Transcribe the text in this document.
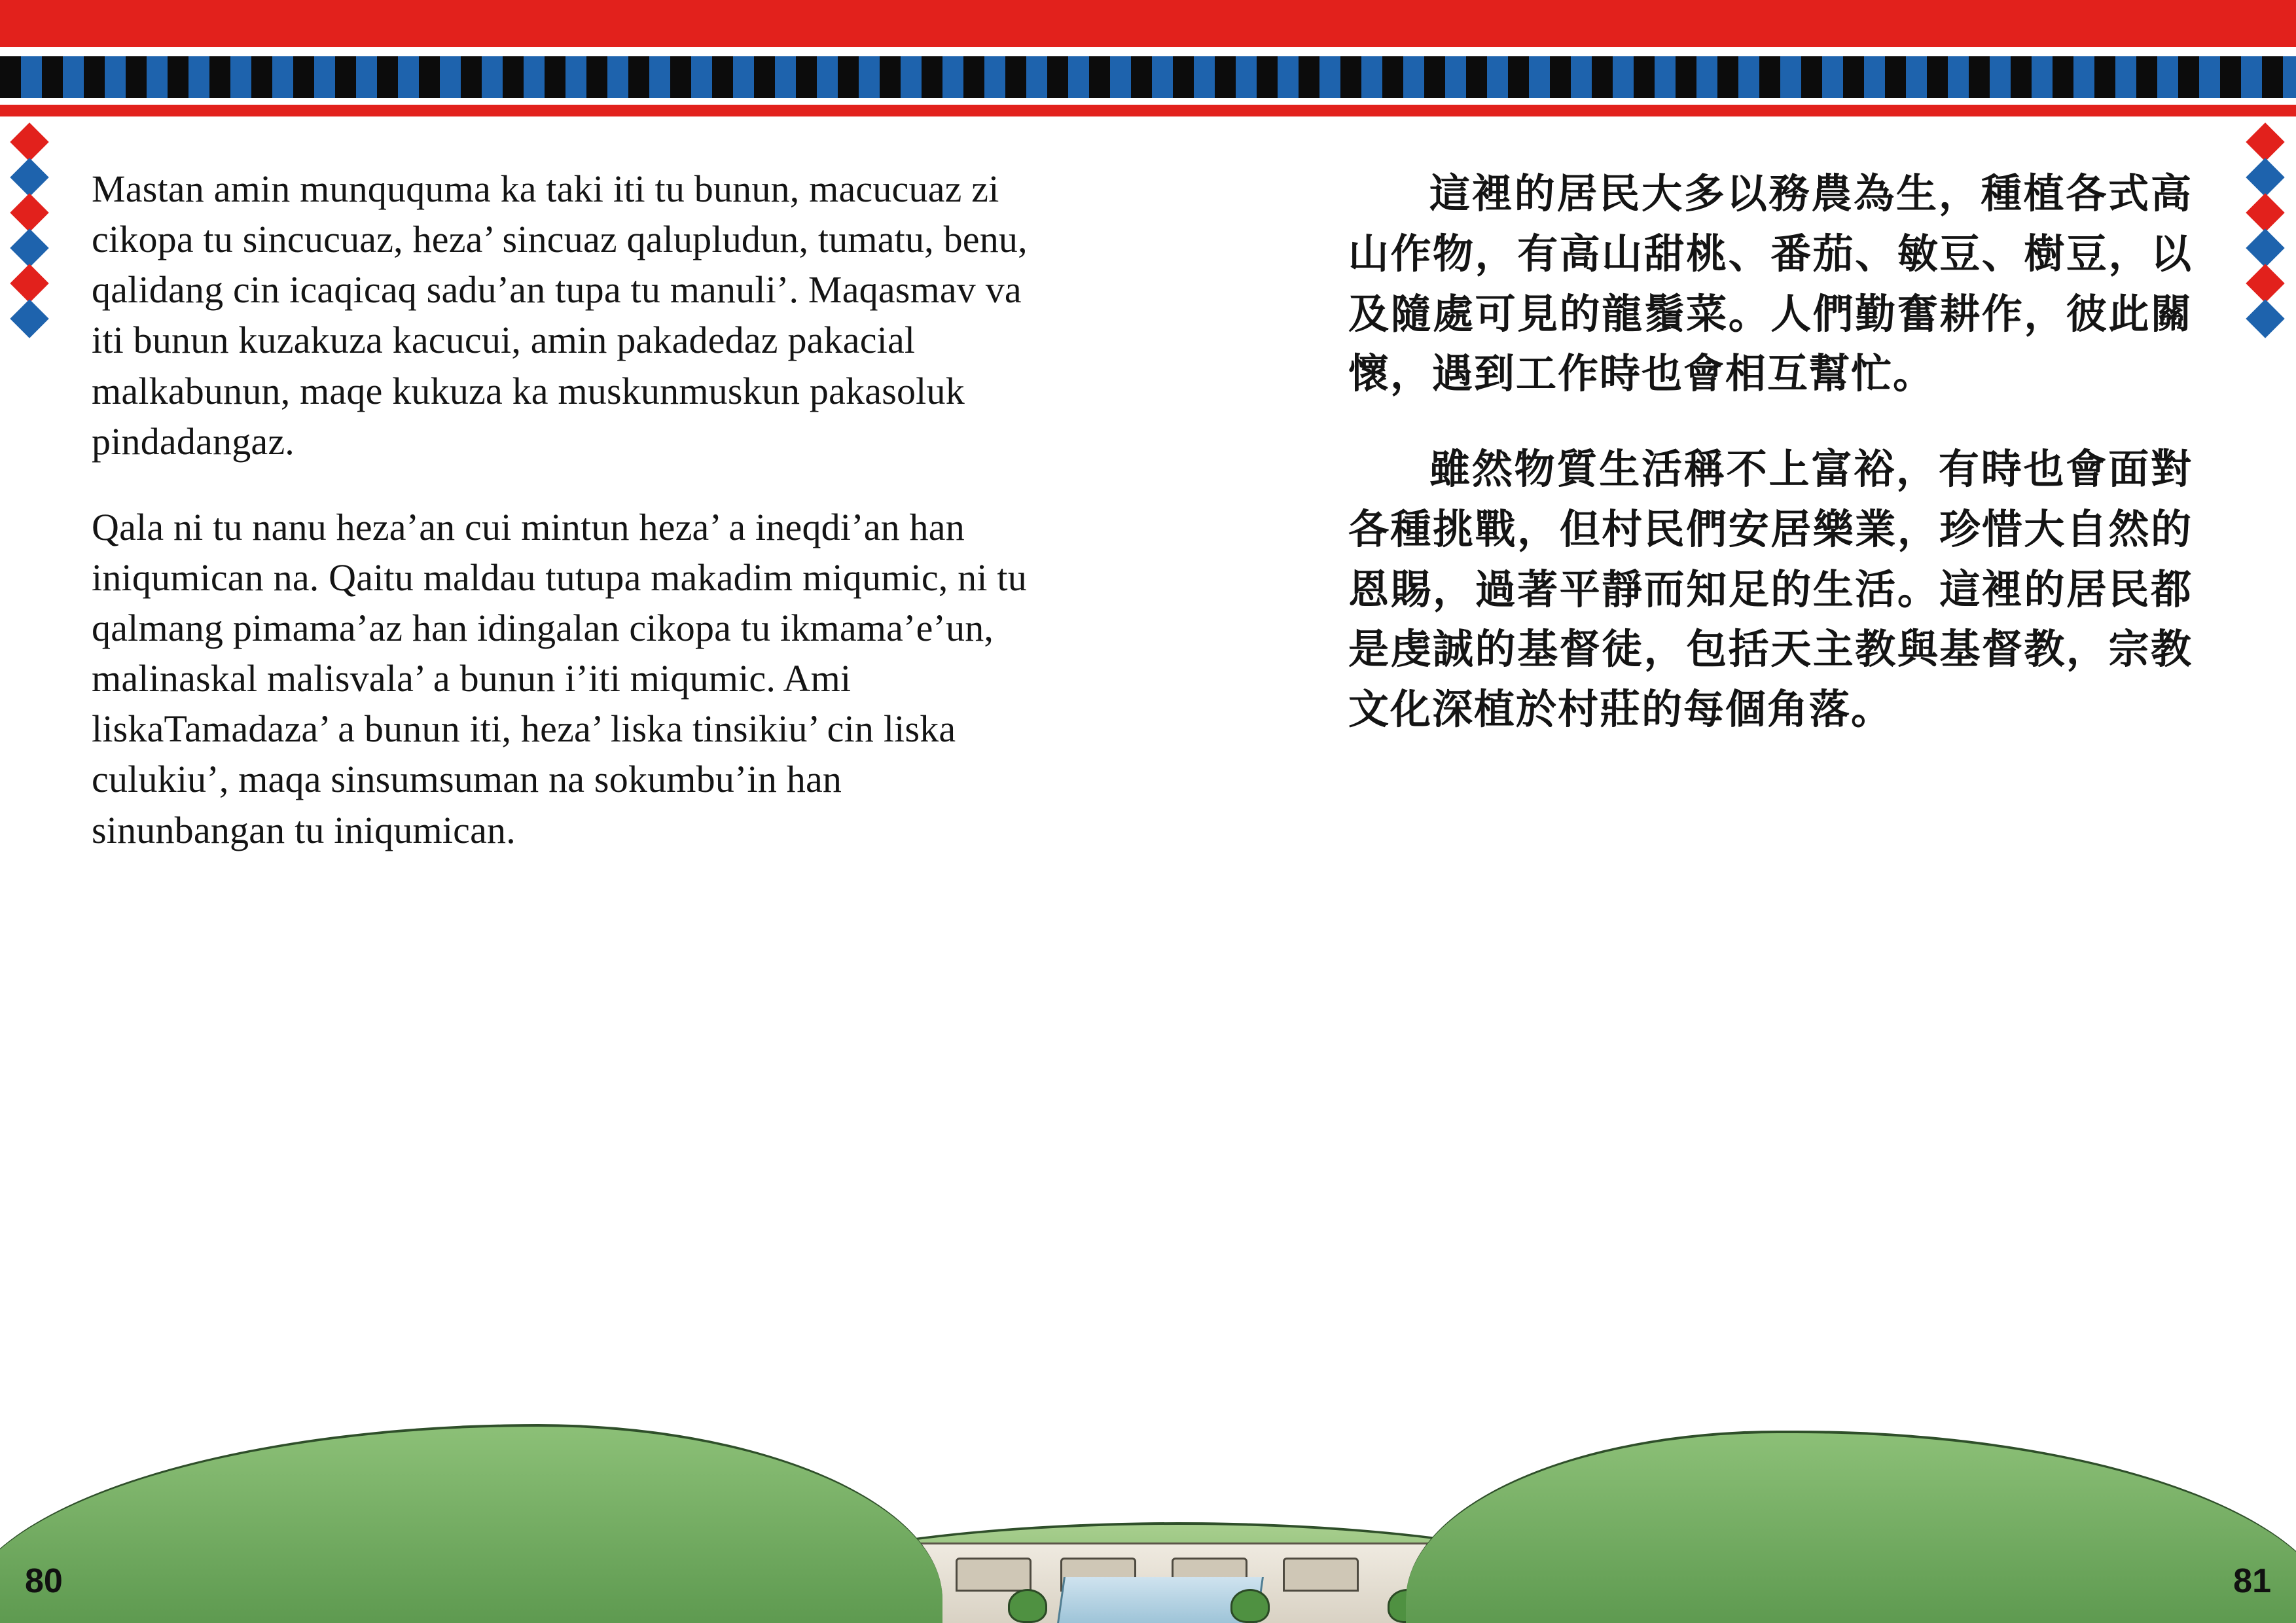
Mastan amin munququma ka taki iti tu bunun, macucuaz zi cikopa tu sincucuaz, heza’ sincuaz qalupludun, tumatu, benu, qalidang cin icaqicaq sadu’an tupa tu manuli’. Maqasmav va iti bunun kuzakuza kacucui, amin pakadedaz pakacial malkabunun, maqe kukuza ka muskunmuskun pakasoluk pindadangaz.

Qala ni tu nanu heza’an cui mintun heza’ a ineqdi’an han iniqumican na. Qaitu maldau tutupa makadim miqumic, ni tu qalmang pimama’az han idingalan cikopa tu ikmama’e’un, malinaskal malisvala’ a bunun i’iti miqumic. Ami liskaTamadaza’ a bunun iti, heza’ liska tinsikiu’ cin liska culukiu’, maqa sinsumsuman na sokumbu’in han sinunbangan tu iniqumican.

這裡的居民大多以務農為生，種植各式高山作物，有高山甜桃、番茄、敏豆、樹豆，以及隨處可見的龍鬚菜。人們勤奮耕作，彼此關懷，遇到工作時也會相互幫忙。

雖然物質生活稱不上富裕，有時也會面對各種挑戰，但村民們安居樂業，珍惜大自然的恩賜，過著平靜而知足的生活。這裡的居民都是虔誠的基督徒，包括天主教與基督教，宗教文化深植於村莊的每個角落。

80	81
